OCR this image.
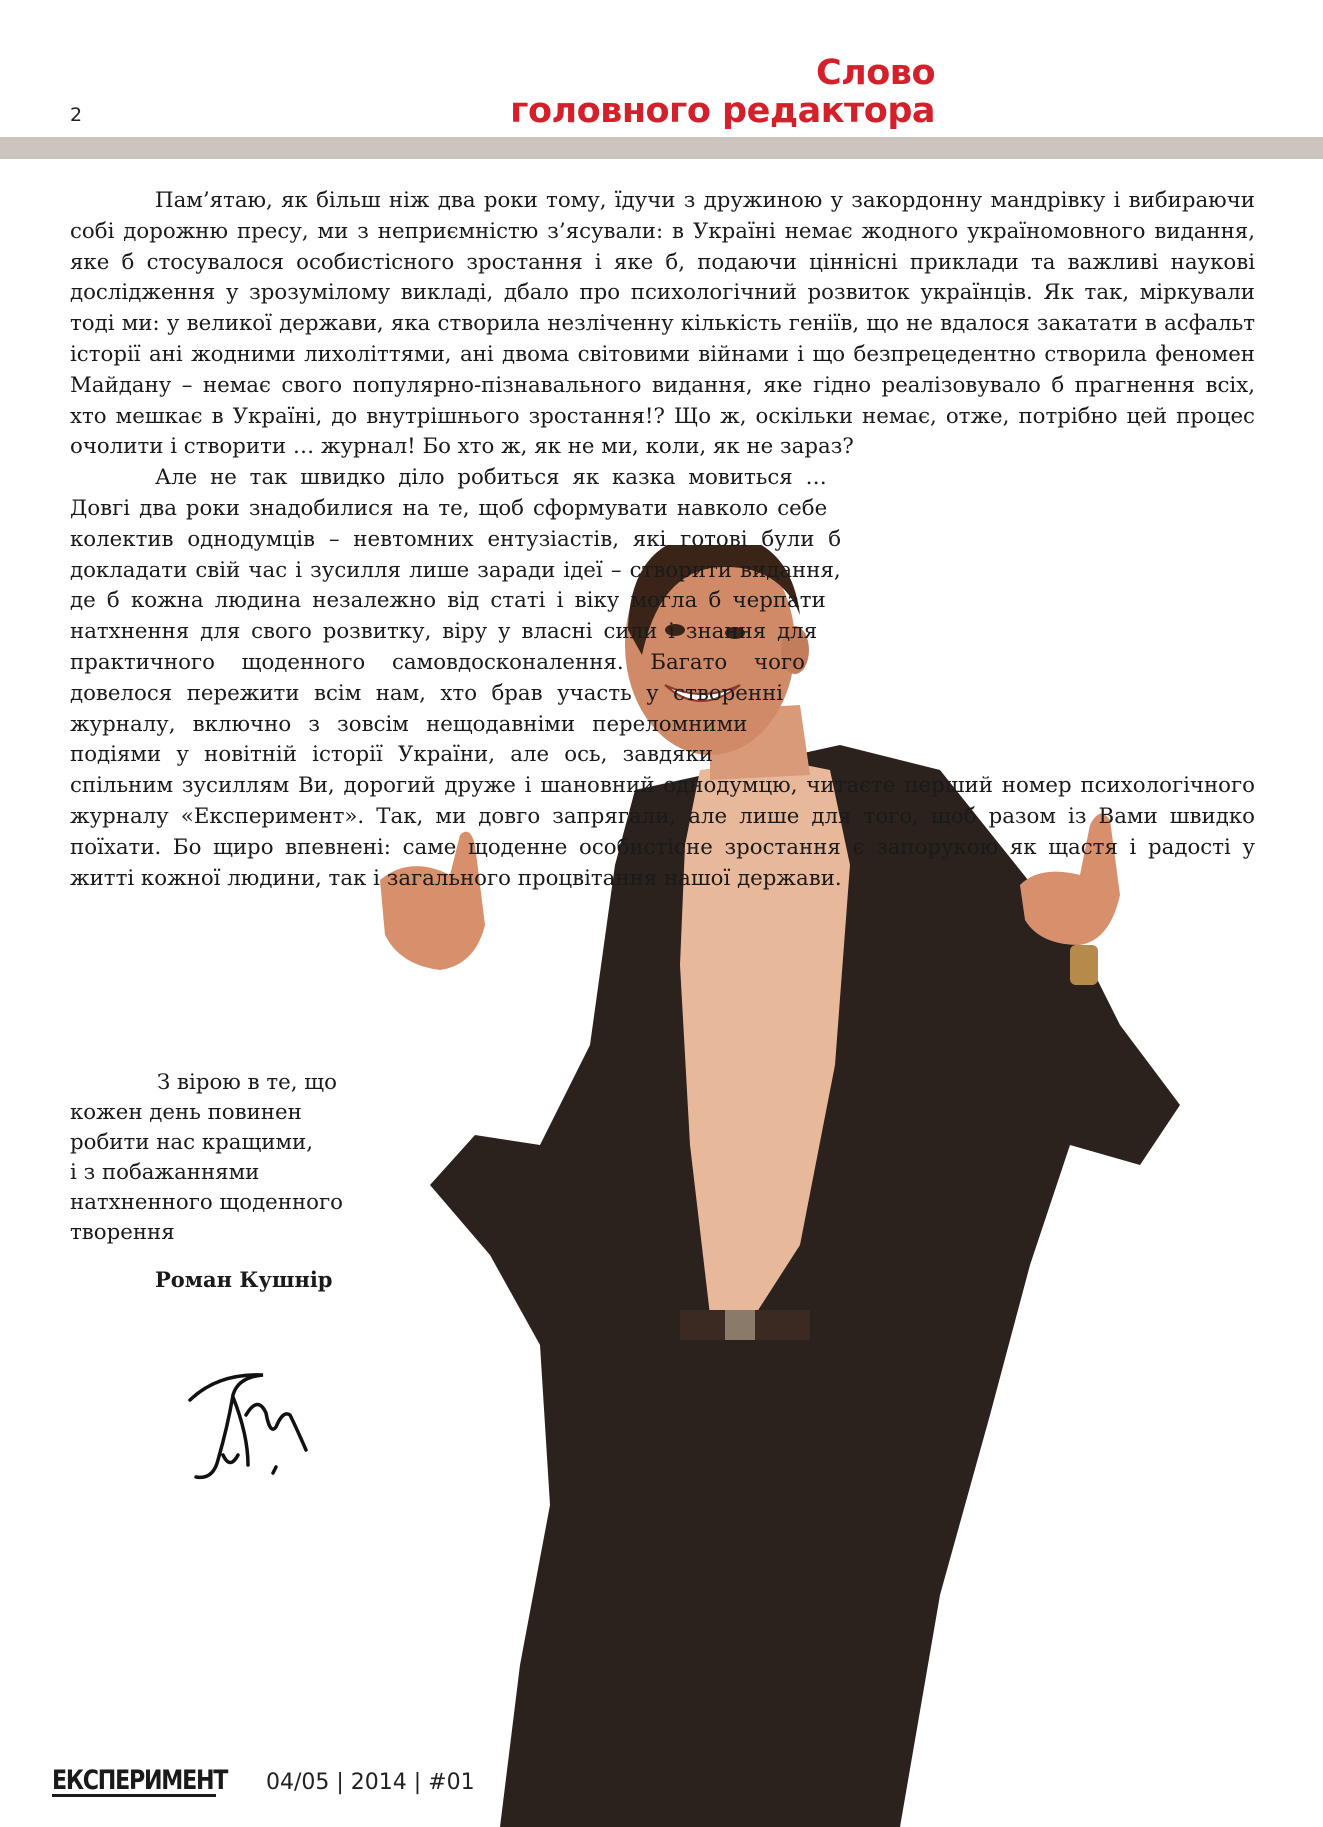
2
Слово
головного редактора

Пам’ятаю, як більш ніж два роки тому, їдучи з дружиною у закордонну мандрівку і вибираючи собі дорожню пресу, ми з неприємністю з’ясували: в Україні немає жодного україномовного видання, яке б стосувалося особистісного зростання і яке б, подаючи ціннісні приклади та важливі наукові дослідження у зрозумілому викладі, дбало про психологічний розвиток українців. Як так, міркували тоді ми: у великої держави, яка створила незліченну кількість геніїв, що не вдалося закатати в асфальт історії ані жодними лихоліттями, ані двома світовими війнами і що безпрецедентно створила феномен Майдану – немає свого популярно-пізнавального видання, яке гідно реалізовувало б прагнення всіх, хто мешкає в Україні, до внутрішнього зростання!? Що ж, оскільки немає, отже, потрібно цей процес очолити і створити … журнал! Бо хто ж, як не ми, коли, як не зараз?

Але не так швидко діло робиться як казка мовиться … Довгі два роки знадобилися на те, щоб сформувати навколо себе колектив однодумців – невтомних ентузіастів, які готові були б докладати свій час і зусилля лише заради ідеї – створити видання, де б кожна людина незалежно від статі і віку могла б черпати натхнення для свого розвитку, віру у власні сили і знання для практичного щоденного самовдосконалення. Багато чого довелося пережити всім нам, хто брав участь у створенні журналу, включно з зовсім нещодавніми переломними подіями у новітній історії України, але ось, завдяки спільним зусиллям Ви, дорогий друже і шановний однодумцю, читаєте перший номер психологічного журналу «Експеримент». Так, ми довго запрягали, але лише для того, щоб разом із Вами швидко поїхати. Бо щиро впевнені: саме щоденне особистісне зростання є запорукою як щастя і радості у житті кожної людини, так і загального процвітання нашої держави.

З вірою в те, що
кожен день повинен
робити нас кращими,
і з побажаннями
натхненного щоденного
творення
Роман Кушнір
ЕКСПЕРИМЕНТ 04/05 | 2014 | #01
